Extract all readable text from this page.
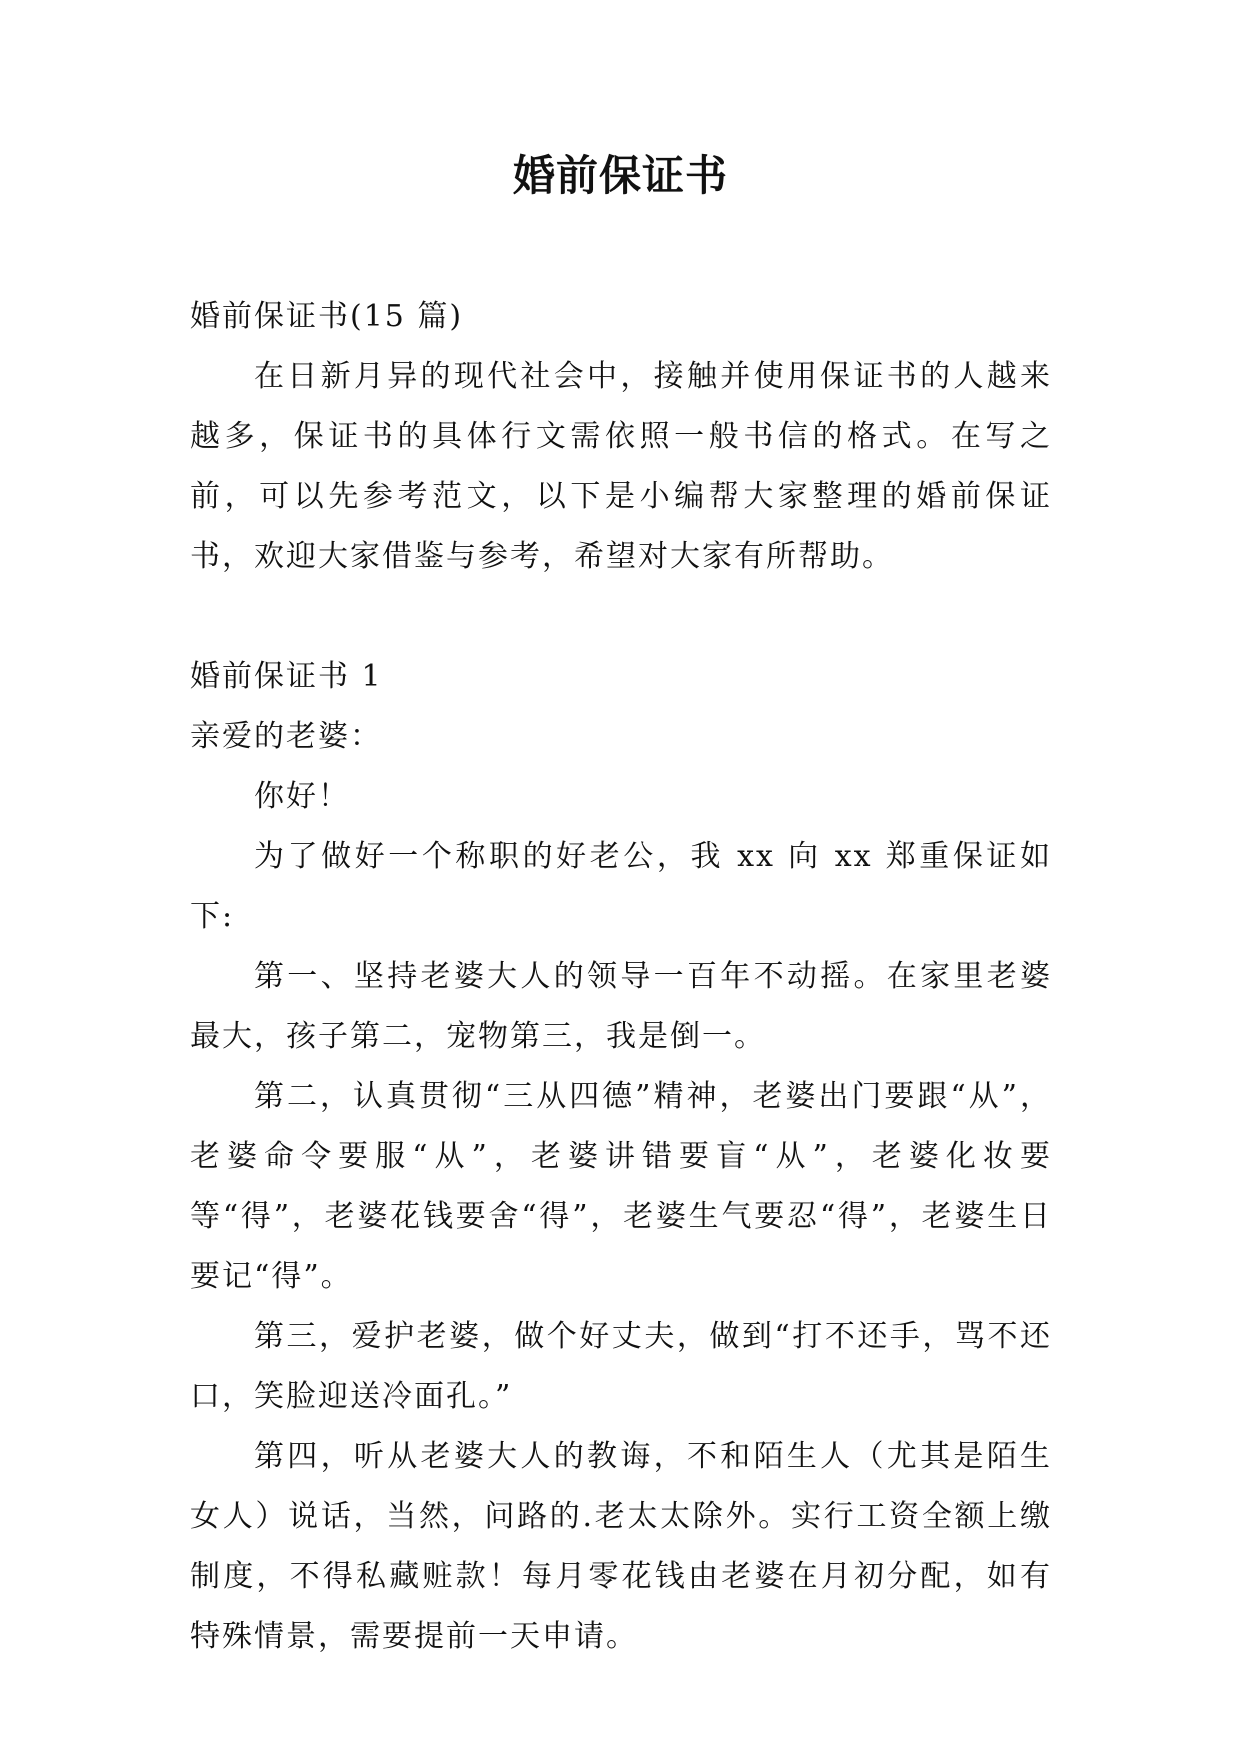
婚前保证书

婚前保证书(15 篇)

在日新月异的现代社会中，接触并使用保证书的人越来越多，保证书的具体行文需依照一般书信的格式。在写之前，可以先参考范文，以下是小编帮大家整理的婚前保证书，欢迎大家借鉴与参考，希望对大家有所帮助。

婚前保证书 1

亲爱的老婆：

你好！

为了做好一个称职的好老公，我 xx 向 xx 郑重保证如下:

第一、坚持老婆大人的领导一百年不动摇。在家里老婆最大，孩子第二，宠物第三，我是倒一。

第二，认真贯彻“三从四德”精神，老婆出门要跟“从”，老婆命令要服“从”，老婆讲错要盲“从”，老婆化妆要等“得”，老婆花钱要舍“得”，老婆生气要忍“得”，老婆生日要记“得”。

第三，爱护老婆，做个好丈夫，做到“打不还手，骂不还口，笑脸迎送冷面孔。”

第四，听从老婆大人的教诲，不和陌生人（尤其是陌生女人）说话，当然，问路的.老太太除外。实行工资全额上缴制度，不得私藏赃款！每月零花钱由老婆在月初分配，如有特殊情景，需要提前一天申请。
